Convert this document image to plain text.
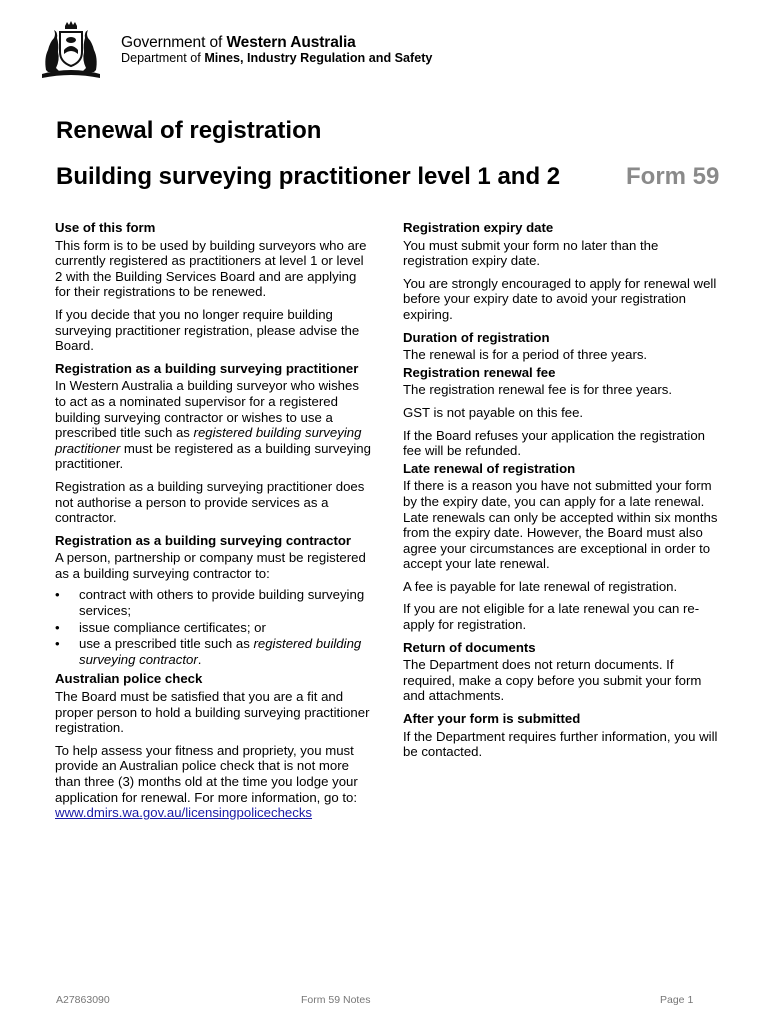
Government of Western Australia
Department of Mines, Industry Regulation and Safety
Renewal of registration
Building surveying practitioner level 1 and 2	Form 59
Use of this form

This form is to be used by building surveyors who are currently registered as practitioners at level 1 or level 2 with the Building Services Board and are applying for their registrations to be renewed.

If you decide that you no longer require building surveying practitioner registration, please advise the Board.

Registration as a building surveying practitioner

In Western Australia a building surveyor who wishes to act as a nominated supervisor for a registered building surveying contractor or wishes to use a prescribed title such as registered building surveying practitioner must be registered as a building surveying practitioner.

Registration as a building surveying practitioner does not authorise a person to provide services as a contractor.

Registration as a building surveying contractor

A person, partnership or company must be registered as a building surveying contractor to:

• contract with others to provide building surveying services;
• issue compliance certificates; or
• use a prescribed title such as registered building surveying contractor.
Australian police check

The Board must be satisfied that you are a fit and proper person to hold a building surveying practitioner registration.

To help assess your fitness and propriety, you must provide an Australian police check that is not more than three (3) months old at the time you lodge your application for renewal. For more information, go to:
www.dmirs.wa.gov.au/licensingpolicechecks

Registration expiry date

You must submit your form no later than the registration expiry date.

You are strongly encouraged to apply for renewal well before your expiry date to avoid your registration expiring.

Duration of registration

The renewal is for a period of three years.

Registration renewal fee

The registration renewal fee is for three years.

GST is not payable on this fee.

If the Board refuses your application the registration fee will be refunded.

Late renewal of registration

If there is a reason you have not submitted your form by the expiry date, you can apply for a late renewal. Late renewals can only be accepted within six months from the expiry date. However, the Board must also agree your circumstances are exceptional in order to accept your late renewal.

A fee is payable for late renewal of registration.

If you are not eligible for a late renewal you can re-apply for registration.

Return of documents

The Department does not return documents. If required, make a copy before you submit your form and attachments.

After your form is submitted

If the Department requires further information, you will be contacted.

A27863090	Form 59 Notes	Page 1
